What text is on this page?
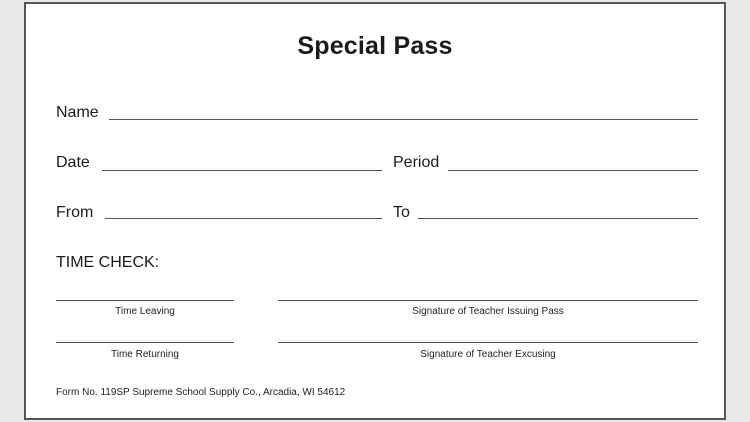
Special Pass
Name
Date	Period
From	To
TIME CHECK:
Time Leaving	Signature of Teacher Issuing Pass
Time Returning	Signature of Teacher Excusing
Form No. 119SP Supreme School Supply Co., Arcadia, WI 54612
